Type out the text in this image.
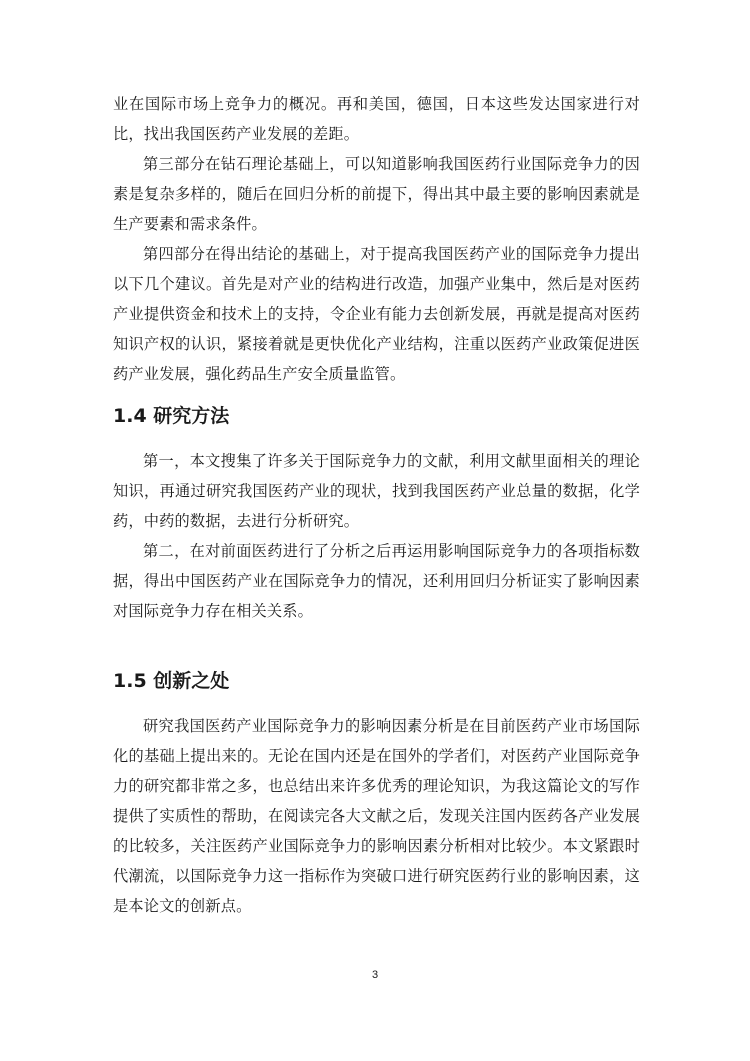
业在国际市场上竞争力的概况。再和美国，德国，日本这些发达国家进行对比，找出我国医药产业发展的差距。

第三部分在钻石理论基础上，可以知道影响我国医药行业国际竞争力的因素是复杂多样的，随后在回归分析的前提下，得出其中最主要的影响因素就是生产要素和需求条件。

第四部分在得出结论的基础上，对于提高我国医药产业的国际竞争力提出以下几个建议。首先是对产业的结构进行改造，加强产业集中，然后是对医药产业提供资金和技术上的支持，令企业有能力去创新发展，再就是提高对医药知识产权的认识，紧接着就是更快优化产业结构，注重以医药产业政策促进医药产业发展，强化药品生产安全质量监管。

1.4 研究方法

第一，本文搜集了许多关于国际竞争力的文献，利用文献里面相关的理论知识，再通过研究我国医药产业的现状，找到我国医药产业总量的数据，化学药，中药的数据，去进行分析研究。

第二，在对前面医药进行了分析之后再运用影响国际竞争力的各项指标数据，得出中国医药产业在国际竞争力的情况，还利用回归分析证实了影响因素对国际竞争力存在相关关系。

1.5 创新之处

研究我国医药产业国际竞争力的影响因素分析是在目前医药产业市场国际化的基础上提出来的。无论在国内还是在国外的学者们，对医药产业国际竞争力的研究都非常之多，也总结出来许多优秀的理论知识，为我这篇论文的写作提供了实质性的帮助，在阅读完各大文献之后，发现关注国内医药各产业发展的比较多，关注医药产业国际竞争力的影响因素分析相对比较少。本文紧跟时代潮流，以国际竞争力这一指标作为突破口进行研究医药行业的影响因素，这是本论文的创新点。

3
